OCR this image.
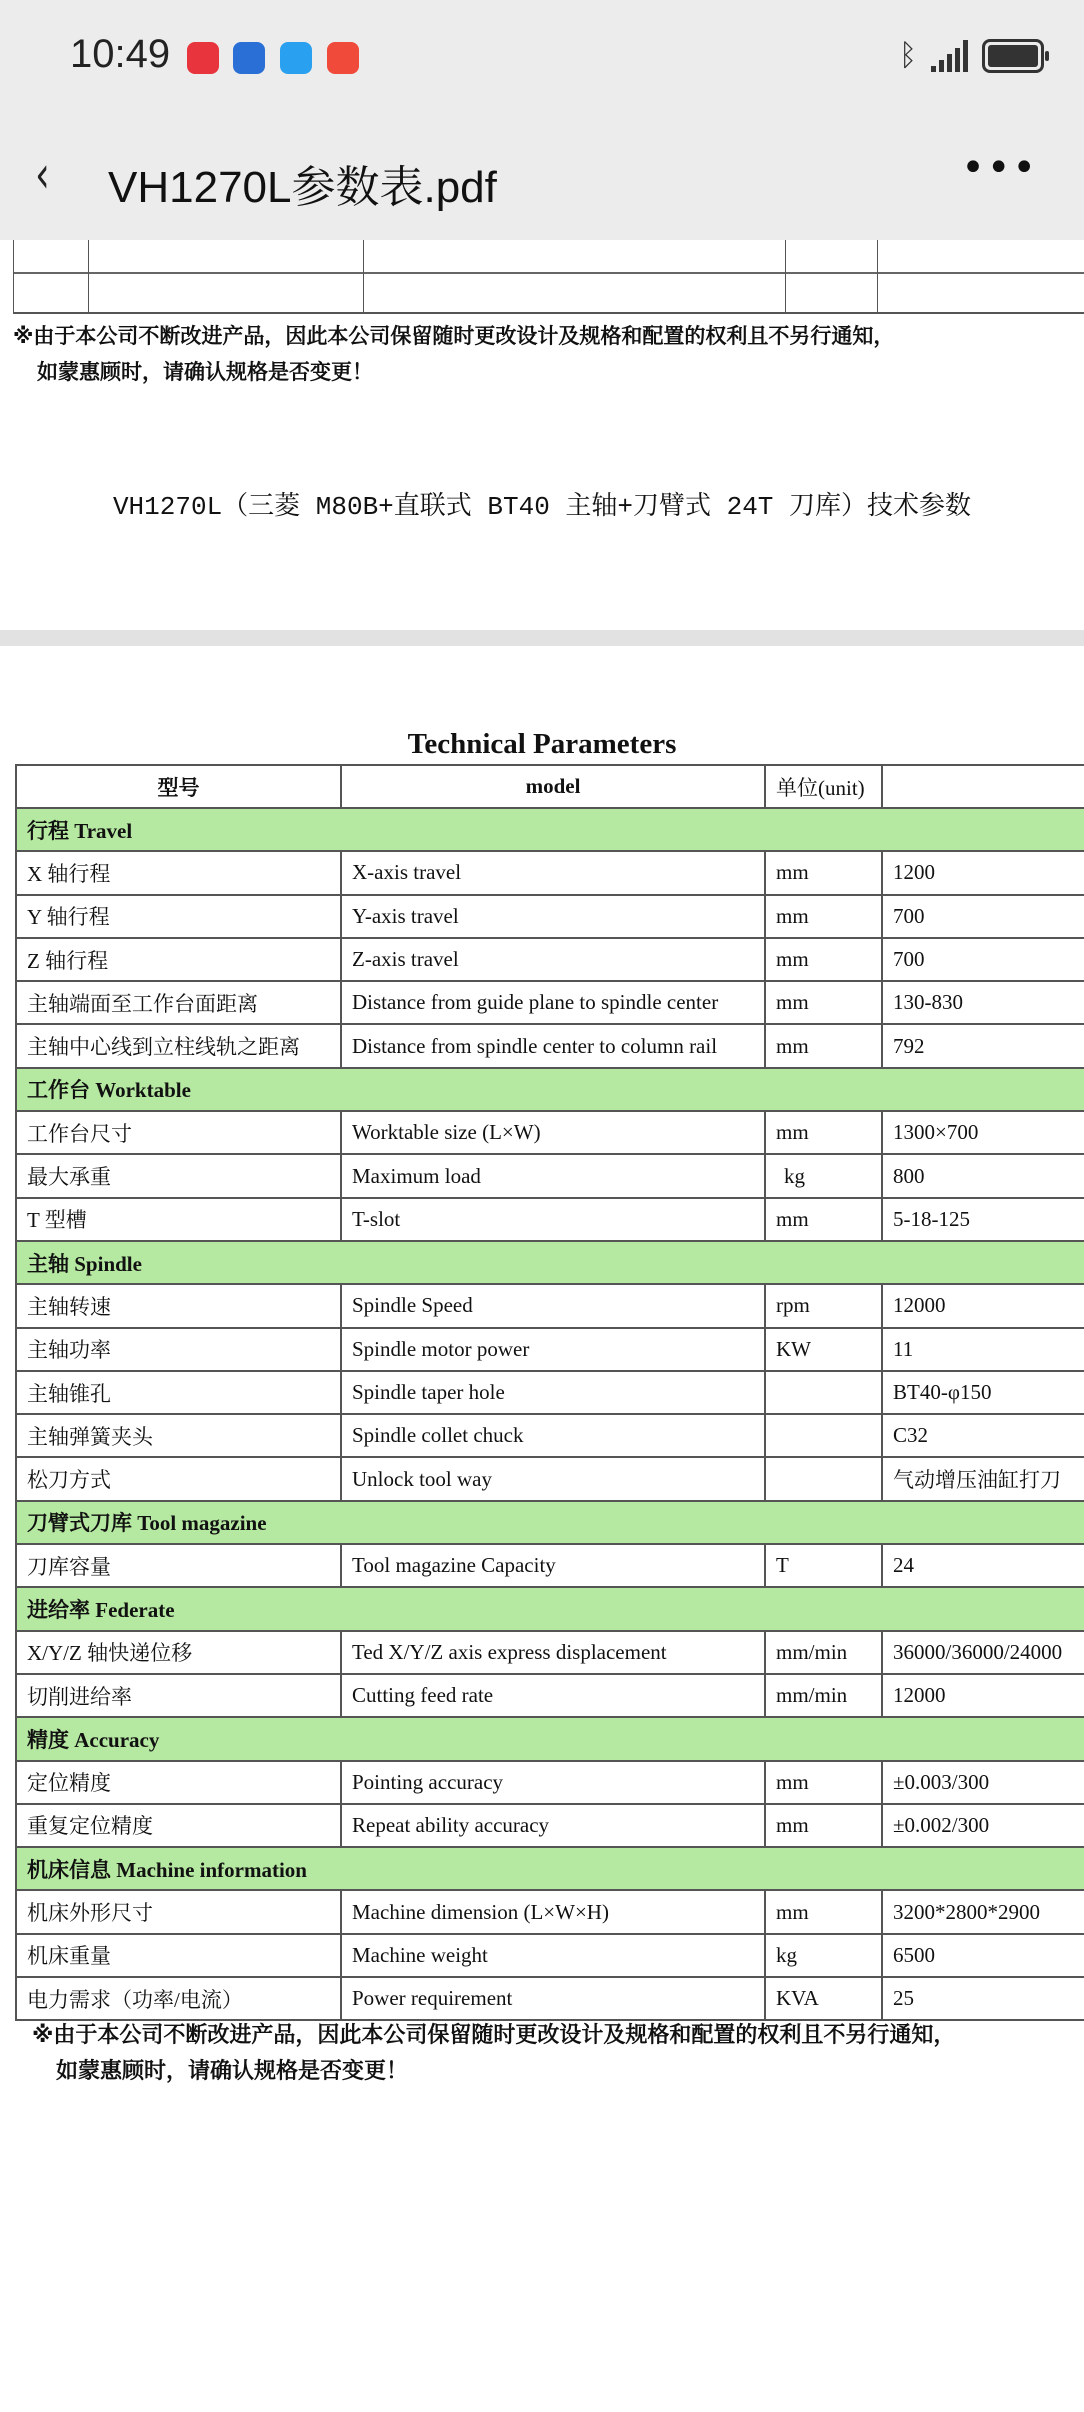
10:49	ᛒ
‹ VH1270L参数表.pdf	•••
※由于本公司不断改进产品，因此本公司保留随时更改设计及规格和配置的权利且不另行通知，
如蒙惠顾时，请确认规格是否变更！
VH1270L（三菱 M80B+直联式 BT40 主轴+刀臂式 24T 刀库）技术参数
Technical Parameters
型号	model	单位(unit)	
行程 Travel			
X 轴行程	X-axis travel	mm	1200
Y 轴行程	Y-axis travel	mm	700
Z 轴行程	Z-axis travel	mm	700
主轴端面至工作台面距离	Distance from guide plane to spindle center	mm	130-830
主轴中心线到立柱线轨之距离	Distance from spindle center to column rail	mm	792
工作台 Worktable			
工作台尺寸	Worktable size (L×W)	mm	1300×700
最大承重	Maximum load	kg	800
T 型槽	T-slot	mm	5-18-125
主轴 Spindle			
主轴转速	Spindle Speed	rpm	12000
主轴功率	Spindle motor power	KW	11
主轴锥孔	Spindle taper hole		BT40-φ150
主轴弹簧夹头	Spindle collet chuck		C32
松刀方式	Unlock tool way		气动增压油缸打刀
刀臂式刀库 Tool magazine			
刀库容量	Tool magazine Capacity	T	24
进给率 Federate			
X/Y/Z 轴快递位移	Ted X/Y/Z axis express displacement	mm/min	36000/36000/24000
切削进给率	Cutting feed rate	mm/min	12000
精度 Accuracy			
定位精度	Pointing accuracy	mm	±0.003/300
重复定位精度	Repeat ability accuracy	mm	±0.002/300
机床信息 Machine information			
机床外形尺寸	Machine dimension (L×W×H)	mm	3200*2800*2900
机床重量	Machine weight	kg	6500
电力需求（功率/电流）	Power requirement	KVA	25
※由于本公司不断改进产品，因此本公司保留随时更改设计及规格和配置的权利且不另行通知，
如蒙惠顾时，请确认规格是否变更！
